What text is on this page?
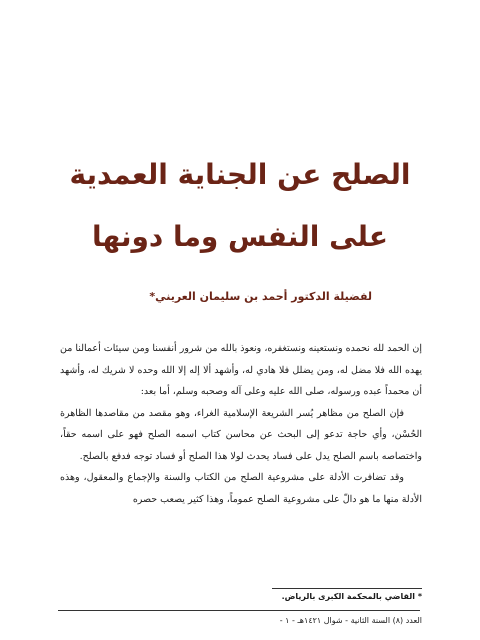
الصلح عن الجناية العمدية
على النفس وما دونها
لفضيلة الدكتور أحمد بن سليمان العريني*

إن الحمد لله نحمده ونستعينه ونستغفره، ونعوذ بالله من شرور أنفسنا ومن سيئات أعمالنا من يهده الله فلا مضل له، ومن يضلل فلا هادي له، وأشهد ألا إله إلا الله وحده لا شريك له، وأشهد أن محمداً عبده ورسوله، صلى الله عليه وعلى آله وصحبه وسلم، أما بعد:

فإن الصلح من مظاهر يُسر الشريعة الإسلامية الغراء، وهو مقصد من مقاصدها الظاهرة الحُسْن، وأي حاجة تدعو إلى البحث عن محاسن كتاب اسمه الصلح فهو على اسمه حقاً، واختصاصه باسم الصلح يدل على فساد يحدث لولا هذا الصلح أو فساد توجه فدفع بالصلح.

وقد تضافرت الأدلة على مشروعية الصلح من الكتاب والسنة والإجماع والمعقول، وهذه الأدلة منها ما هو دالّ على مشروعية الصلح عموماً، وهذا كثير يصعب حصره

* القاضي بالمحكمة الكبرى بالرياض.
العدد (٨) السنة الثانية - شوال ١٤٢١هـ - ١ -
